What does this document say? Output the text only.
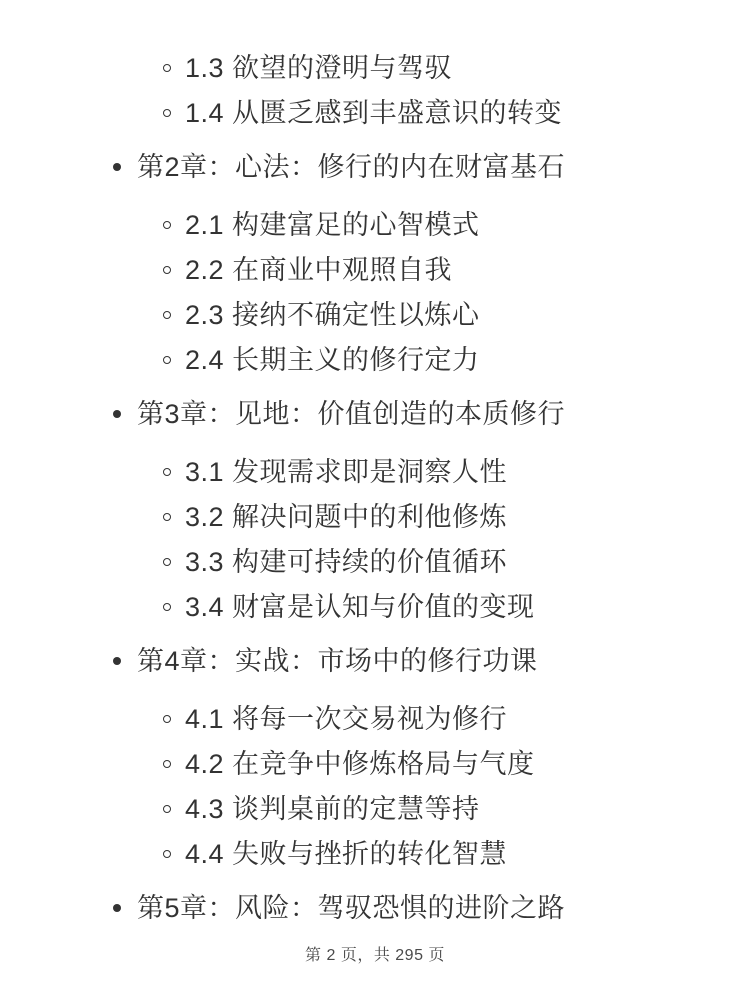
1.3 欲望的澄明与驾驭
1.4 从匮乏感到丰盛意识的转变
第2章：心法：修行的内在财富基石
2.1 构建富足的心智模式
2.2 在商业中观照自我
2.3 接纳不确定性以炼心
2.4 长期主义的修行定力
第3章：见地：价值创造的本质修行
3.1 发现需求即是洞察人性
3.2 解决问题中的利他修炼
3.3 构建可持续的价值循环
3.4 财富是认知与价值的变现
第4章：实战：市场中的修行功课
4.1 将每一次交易视为修行
4.2 在竞争中修炼格局与气度
4.3 谈判桌前的定慧等持
4.4 失败与挫折的转化智慧
第5章：风险：驾驭恐惧的进阶之路
第 2 页，共 295 页
